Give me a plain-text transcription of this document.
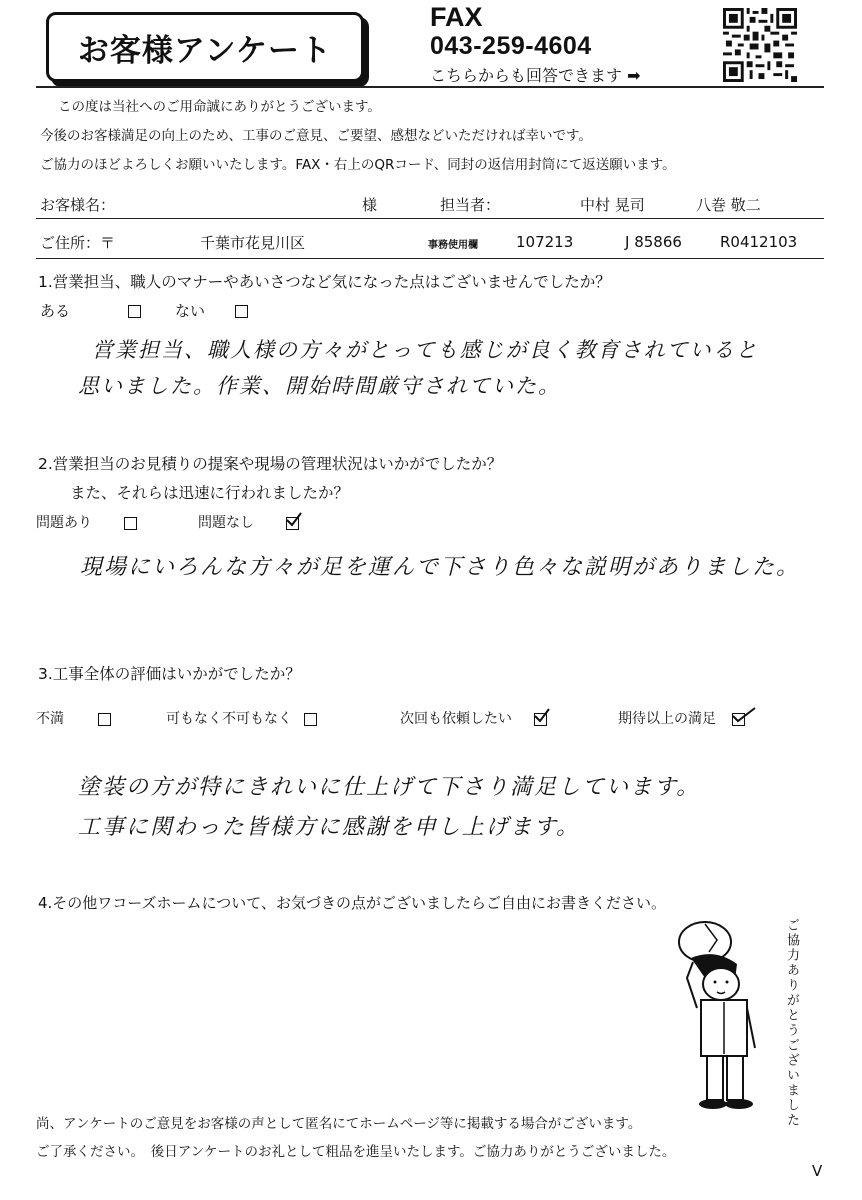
お客様アンケート
FAX
043-259-4604
こちらからも回答できます ➡
この度は当社へのご用命誠にありがとうございます。
今後のお客様満足の向上のため、工事のご意見、ご要望、感想などいただければ幸いです。
ご協力のほどよろしくお願いいたします。FAX・右上のQRコード、同封の返信用封筒にて返送願います。
お客様名：	様	担当者：	中村 晃司	八巻 敬二
ご住所：〒	千葉市花見川区	事務使用欄	107213	J 85866	R0412103
1.営業担当、職人のマナーやあいさつなど気になった点はございませんでしたか？
ある	ない
営業担当、職人様の方々がとっても感じが良く教育されていると
思いました。作業、開始時間厳守されていた。
2.営業担当のお見積りの提案や現場の管理状況はいかがでしたか？
また、それらは迅速に行われましたか？
問題あり	問題なし
現場にいろんな方々が足を運んで下さり色々な説明がありました。
3.工事全体の評価はいかがでしたか？
不満	可もなく不可もなく	次回も依頼したい	期待以上の満足
塗装の方が特にきれいに仕上げて下さり満足しています。
工事に関わった皆様方に感謝を申し上げます。
4.その他ワコーズホームについて、お気づきの点がございましたらご自由にお書きください。
ご協力ありがとうございました
尚、アンケートのご意見をお客様の声として匿名にてホームページ等に掲載する場合がございます。
ご了承ください。　後日アンケートのお礼として粗品を進呈いたします。ご協力ありがとうございました。
V
